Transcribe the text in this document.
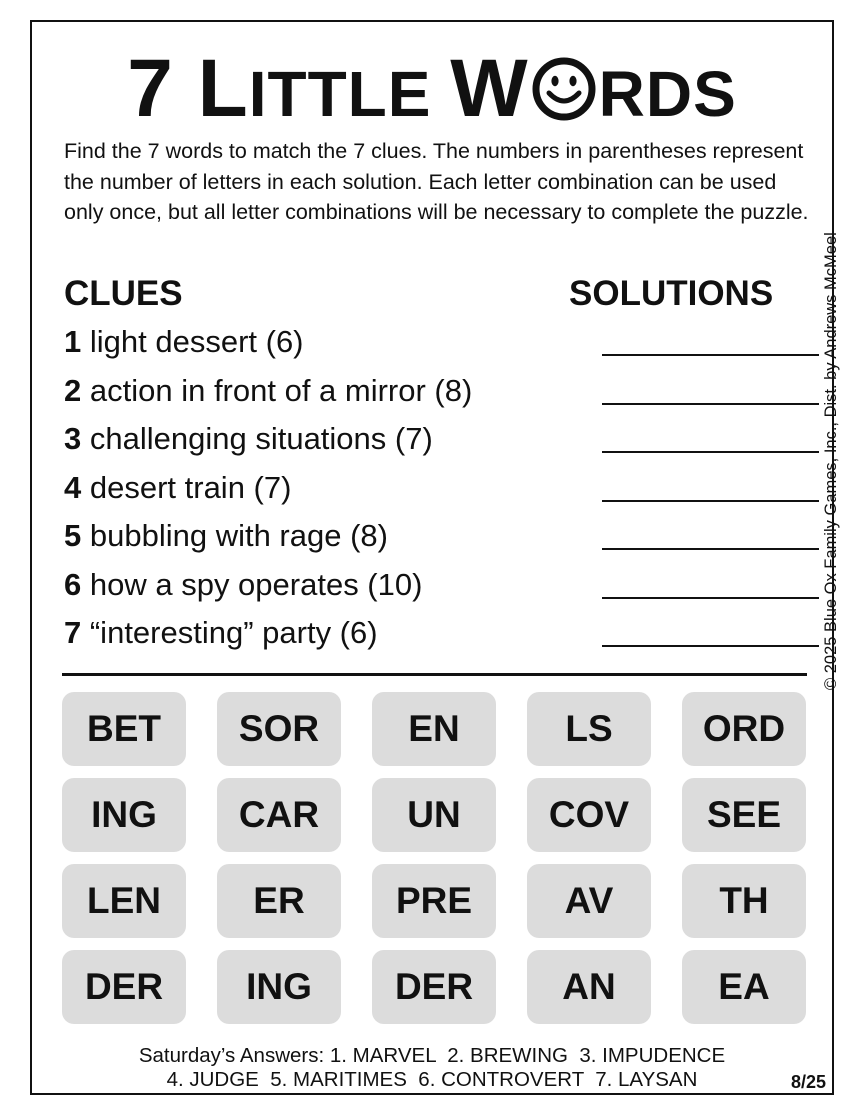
7 LITTLE W RDS
Find the 7 words to match the 7 clues. The numbers in parentheses represent the number of letters in each solution. Each letter combination can be used only once, but all letter combinations will be necessary to complete the puzzle.
© 2025 Blue Ox Family Games, Inc., Dist. by Andrews McMeel
CLUES	SOLUTIONS
1 light dessert (6)
2 action in front of a mirror (8)
3 challenging situations (7)
4 desert train (7)
5 bubbling with rage (8)
6 how a spy operates (10)
7 “interesting” party (6)
BET	SOR	EN	LS	ORD
ING	CAR	UN	COV	SEE
LEN	ER	PRE	AV	TH
DER	ING	DER	AN	EA
Saturday’s Answers: 1. MARVEL  2. BREWING  3. IMPUDENCE
4. JUDGE  5. MARITIMES  6. CONTROVERT  7. LAYSAN	8/25
